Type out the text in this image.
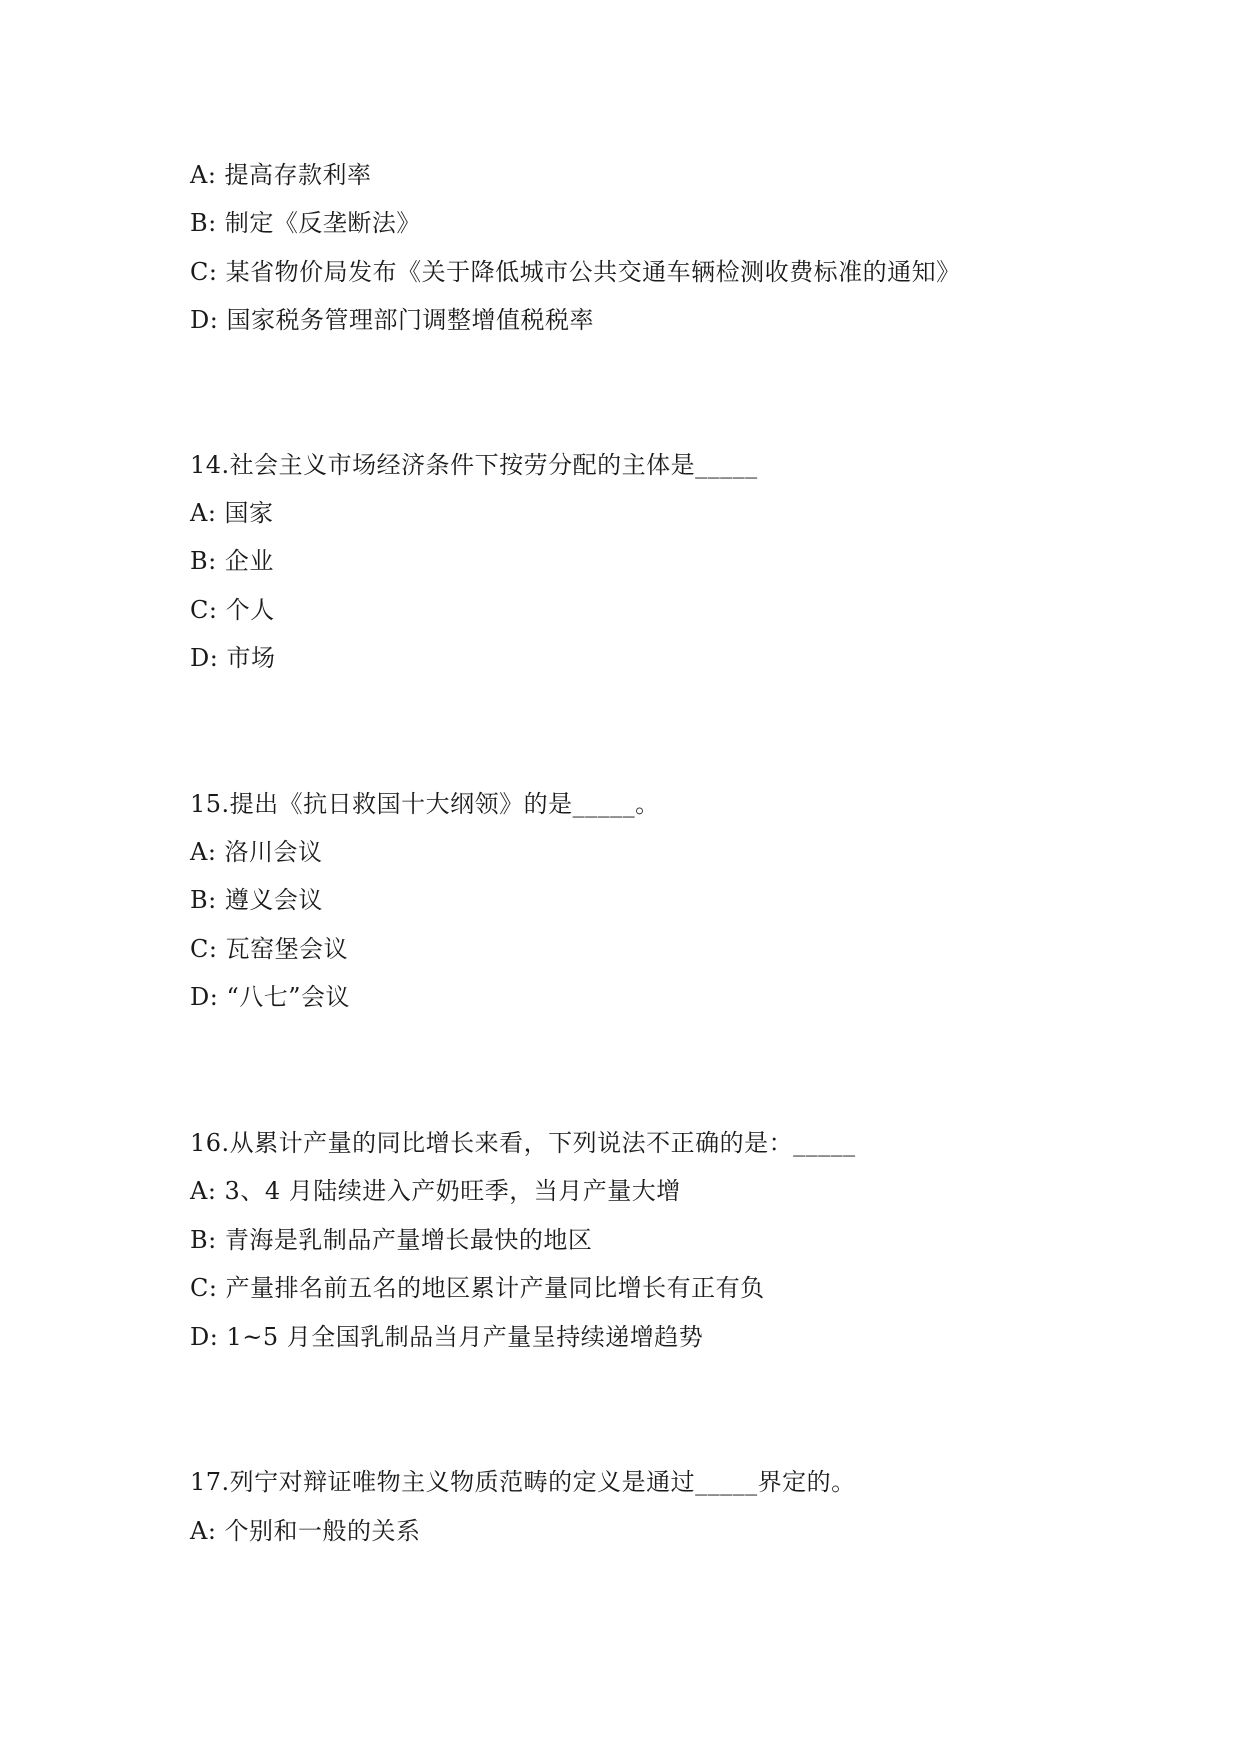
A: 提高存款利率
B: 制定《反垄断法》
C: 某省物价局发布《关于降低城市公共交通车辆检测收费标准的通知》
D: 国家税务管理部门调整增值税税率
14.社会主义市场经济条件下按劳分配的主体是_____
A: 国家
B: 企业
C: 个人
D: 市场
15.提出《抗日救国十大纲领》的是_____。
A: 洛川会议
B: 遵义会议
C: 瓦窑堡会议
D: “八七”会议
16.从累计产量的同比增长来看，下列说法不正确的是：_____
A: 3、4 月陆续进入产奶旺季，当月产量大增
B: 青海是乳制品产量增长最快的地区
C: 产量排名前五名的地区累计产量同比增长有正有负
D: 1~5 月全国乳制品当月产量呈持续递增趋势
17.列宁对辩证唯物主义物质范畴的定义是通过_____界定的。
A: 个别和一般的关系
